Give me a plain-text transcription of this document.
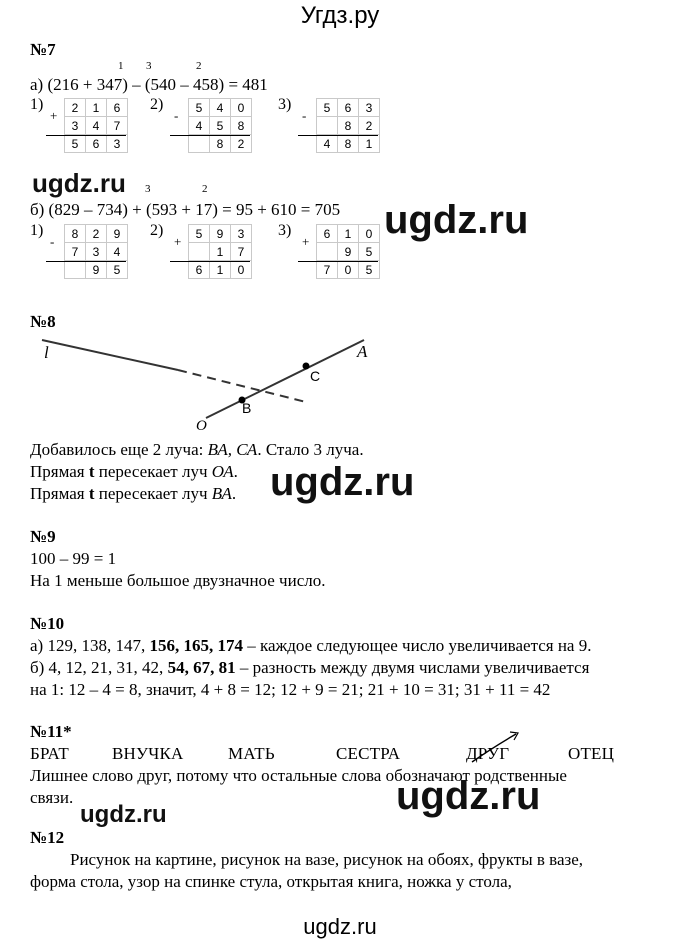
Угдз.ру
№7
1 3	2
а) (216 + 347) – (540 – 458) = 481
1)	2)	3)
+
2	1	6
3	4	7
5	6	3
-
5	4	0
4	5	8
	8	2
-
5	6	3
	8	2
4	8	1
ugdz.ru 3	2
б) (829 – 734) + (593 + 17) = 95 + 610 = 705 ugdz.ru
1)	2)	3)
-
8	2	9
7	3	4
	9	5
+
5	9	3
	1	7
6	1	0
+
6	1	0
	9	5
7	0	5
№8
l	A
C
B
O
Добавилось еще 2 луча: ВА, СА. Стало 3 луча.
Прямая t пересекает луч ОА.
Прямая t пересекает луч ВА. ugdz.ru
№9
100 – 99 = 1
На 1 меньше большое двузначное число.
№10
а) 129, 138, 147, 156, 165, 174 – каждое следующее число увеличивается на 9.
б) 4, 12, 21, 31, 42, 54, 67, 81 – разность между двумя числами увеличивается
на 1: 12 – 4 = 8, значит, 4 + 8 = 12; 12 + 9 = 21; 21 + 10 = 31; 31 + 11 = 42
№11*
БРАТ	ВНУЧКА	МАТЬ	СЕСТРА	ДРУГ	ОТЕЦ
Лишнее слово друг, потому что остальные слова обозначают родственные
связи.
ugdz.ru	ugdz.ru
№12
Рисунок на картине, рисунок на вазе, рисунок на обоях, фрукты в вазе,
форма стола, узор на спинке стула, открытая книга, ножка у стола,
ugdz.ru
